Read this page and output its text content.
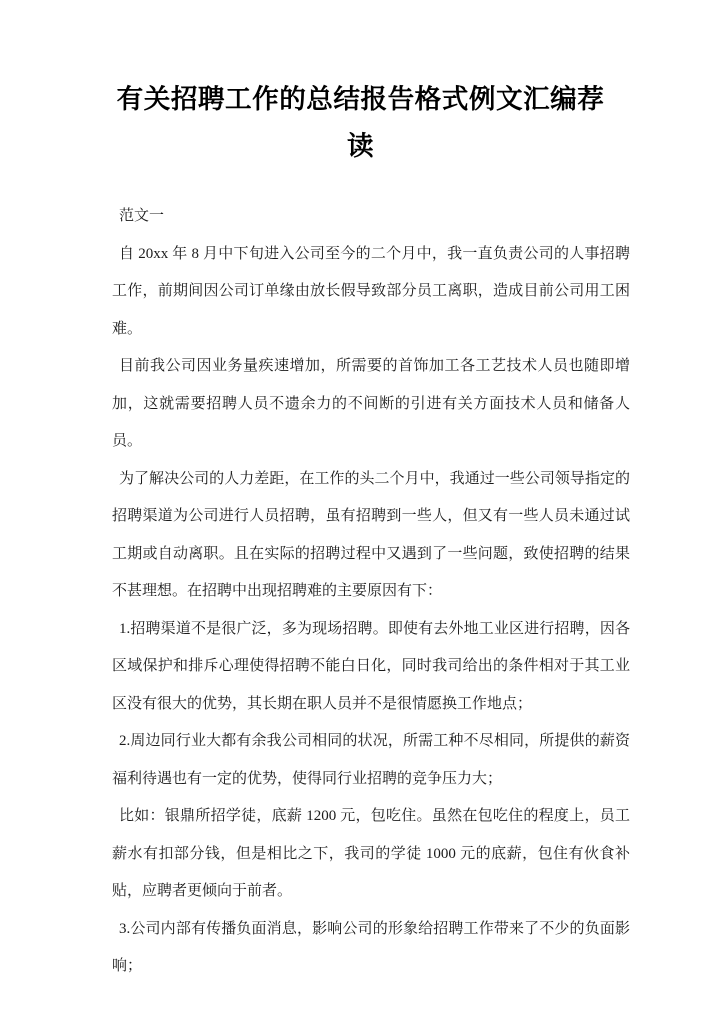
有关招聘工作的总结报告格式例文汇编荐读

范文一

自 20xx 年 8 月中下旬进入公司至今的二个月中，我一直负责公司的人事招聘工作，前期间因公司订单缘由放长假导致部分员工离职，造成目前公司用工困难。

目前我公司因业务量疾速增加，所需要的首饰加工各工艺技术人员也随即增加，这就需要招聘人员不遗余力的不间断的引进有关方面技术人员和储备人员。

为了解决公司的人力差距，在工作的头二个月中，我通过一些公司领导指定的招聘渠道为公司进行人员招聘，虽有招聘到一些人，但又有一些人员未通过试工期或自动离职。且在实际的招聘过程中又遇到了一些问题，致使招聘的结果不甚理想。在招聘中出现招聘难的主要原因有下：

1.招聘渠道不是很广泛，多为现场招聘。即使有去外地工业区进行招聘，因各区域保护和排斥心理使得招聘不能白日化，同时我司给出的条件相对于其工业区没有很大的优势，其长期在职人员并不是很情愿换工作地点；

2.周边同行业大都有余我公司相同的状况，所需工种不尽相同，所提供的薪资福利待遇也有一定的优势，使得同行业招聘的竞争压力大；

比如：银鼎所招学徒，底薪 1200 元，包吃住。虽然在包吃住的程度上，员工薪水有扣部分钱，但是相比之下，我司的学徒 1000 元的底薪，包住有伙食补贴，应聘者更倾向于前者。

3.公司内部有传播负面消息，影响公司的形象给招聘工作带来了不少的负面影响；
